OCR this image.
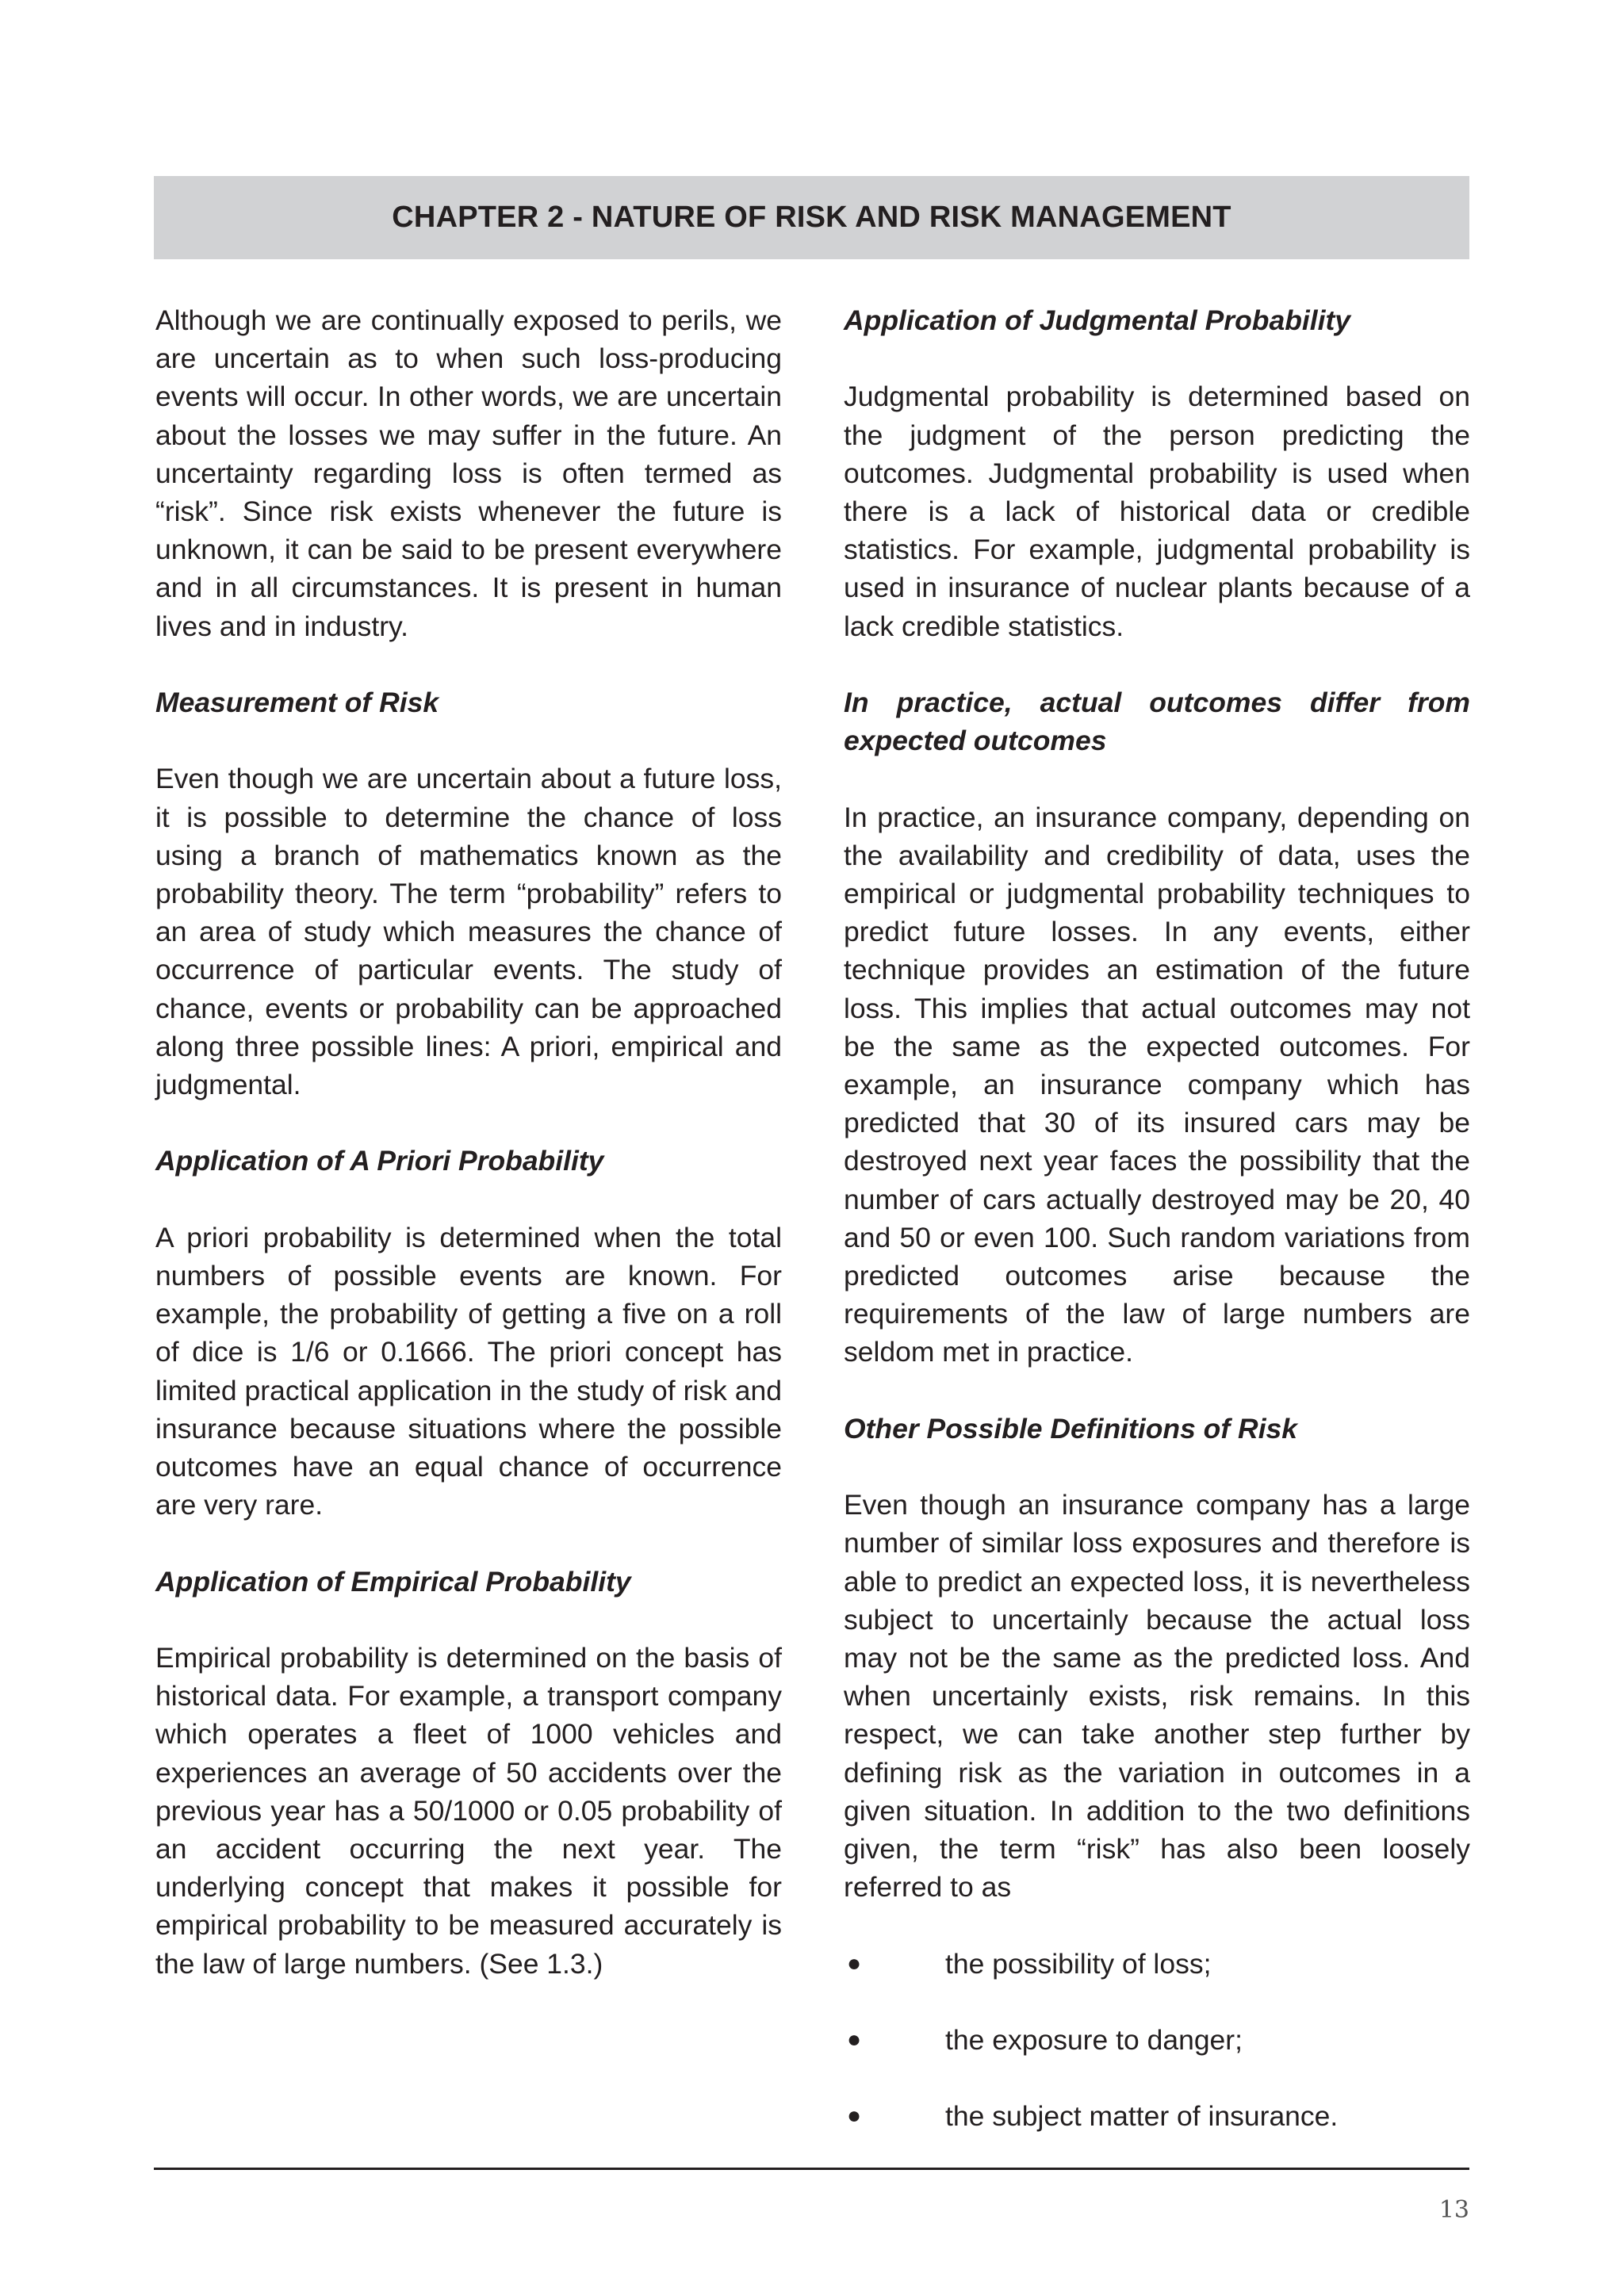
CHAPTER 2 - NATURE OF RISK AND RISK MANAGEMENT

Although we are continually exposed to perils, we are uncertain as to when such loss-producing events will occur. In other words, we are uncertain about the losses we may suffer in the future. An uncertainty regarding loss is often termed as “risk”. Since risk exists whenever the future is unknown, it can be said to be present everywhere and in all circumstances. It is present in human lives and in industry.

Measurement of Risk

Even though we are uncertain about a future loss, it is possible to determine the chance of loss using a branch of mathematics known as the probability theory. The term “probability” refers to an area of study which measures the chance of occurrence of particular events. The study of chance, events or probability can be approached along three possible lines: A priori, empirical and judgmental.

Application of A Priori Probability

A priori probability is determined when the total numbers of possible events are known. For example, the probability of getting a five on a roll of dice is 1/6 or 0.1666. The priori concept has limited practical application in the study of risk and insurance because situations where the possible outcomes have an equal chance of occurrence are very rare.

Application of Empirical Probability

Empirical probability is determined on the basis of historical data. For example, a transport company which operates a fleet of 1000 vehicles and experiences an average of 50 accidents over the previous year has a 50/1000 or 0.05 probability of an accident occurring the next year. The underlying concept that makes it possible for empirical probability to be measured accurately is the law of large numbers. (See 1.3.)

Application of Judgmental Probability

Judgmental probability is determined based on the judgment of the person predicting the outcomes. Judgmental probability is used when there is a lack of historical data or credible statistics. For example, judgmental probability is used in insurance of nuclear plants because of a lack credible statistics.

In practice, actual outcomes differ from expected outcomes

In practice, an insurance company, depending on the availability and credibility of data, uses the empirical or judgmental probability techniques to predict future losses. In any events, either technique provides an estimation of the future loss. This implies that actual outcomes may not be the same as the expected outcomes. For example, an insurance company which has predicted that 30 of its insured cars may be destroyed next year faces the possibility that the number of cars actually destroyed may be 20, 40 and 50 or even 100. Such random variations from predicted outcomes arise because the requirements of the law of large numbers are seldom met in practice.

Other Possible Definitions of Risk

Even though an insurance company has a large number of similar loss exposures and therefore is able to predict an expected loss, it is nevertheless subject to uncertainly because the actual loss may not be the same as the predicted loss. And when uncertainly exists, risk remains. In this respect, we can take another step further by defining risk as the variation in outcomes in a given situation. In addition to the two definitions given, the term “risk” has also been loosely referred to as

●	the possibility of loss;
●	the exposure to danger;
●	the subject matter of insurance.
13
